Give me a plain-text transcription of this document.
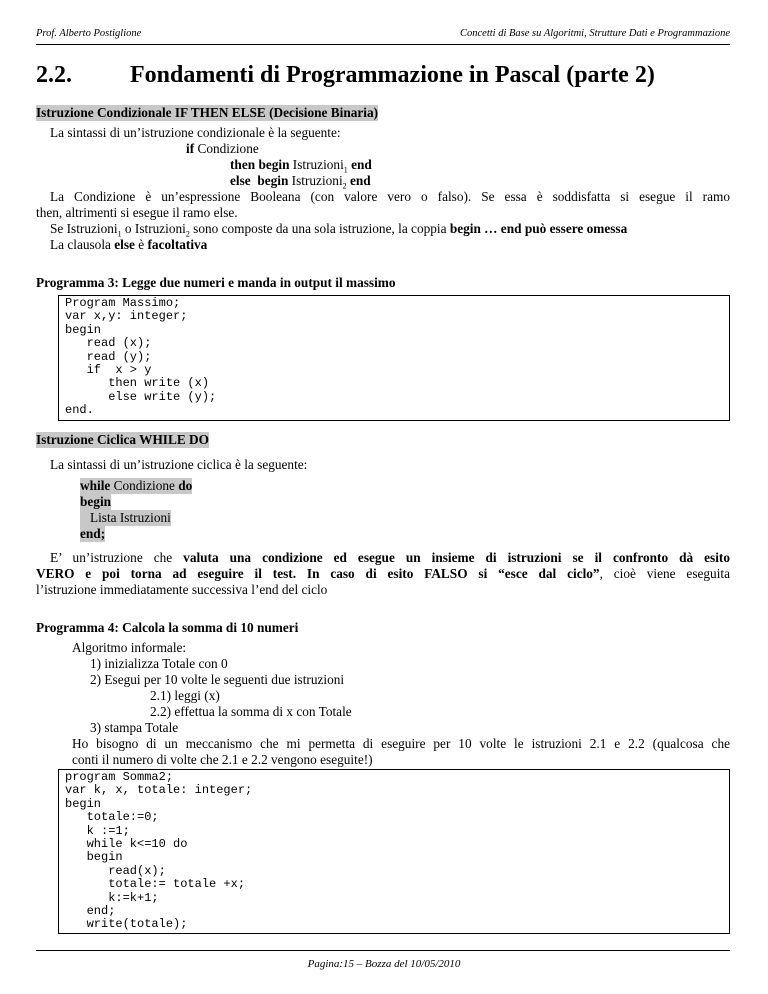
Prof. Alberto Postiglione	Concetti di Base su Algoritmi, Strutture Dati e Programmazione
2.2. Fondamenti di Programmazione in Pascal (parte 2)
Istruzione Condizionale IF THEN ELSE (Decisione Binaria)
La sintassi di un’istruzione condizionale è la seguente:
if Condizione
then begin Istruzioni$_1$ end
else  begin Istruzioni$_2$ end
La Condizione è un’espressione Booleana (con valore vero o falso). Se essa è soddisfatta si esegue il ramo
then, altrimenti si esegue il ramo else.
Se Istruzioni$_1$ o Istruzioni$_2$ sono composte da una sola istruzione, la coppia begin … end può essere omessa
La clausola else è facoltativa
Programma 3: Legge due numeri e manda in output il massimo
Program Massimo;
var x,y: integer;
begin
read (x);
read (y);
if  x > y
then write (x)
else write (y);
end.
Istruzione Ciclica WHILE DO
La sintassi di un’istruzione ciclica è la seguente:
while Condizione do
begin
Lista Istruzioni
end;
E’ un’istruzione che valuta una condizione ed esegue un insieme di istruzioni se il confronto dà esito
VERO e poi torna ad eseguire il test. In caso di esito FALSO si “esce dal ciclo”, cioè viene eseguita
l’istruzione immediatamente successiva l’end del ciclo
Programma 4: Calcola la somma di 10 numeri
Algoritmo informale:
1) inizializza Totale con 0
2) Esegui per 10 volte le seguenti due istruzioni
2.1) leggi (x)
2.2) effettua la somma di x con Totale
3) stampa Totale
Ho bisogno di un meccanismo che mi permetta di eseguire per 10 volte le istruzioni 2.1 e 2.2 (qualcosa che
conti il numero di volte che 2.1 e 2.2 vengono eseguite!)
program Somma2;
var k, x, totale: integer;
begin
totale:=0;
k :=1;
while k<=10 do
begin
read(x);
totale:= totale +x;
k:=k+1;
end;
write(totale);
Pagina:15 – Bozza del 10/05/2010
